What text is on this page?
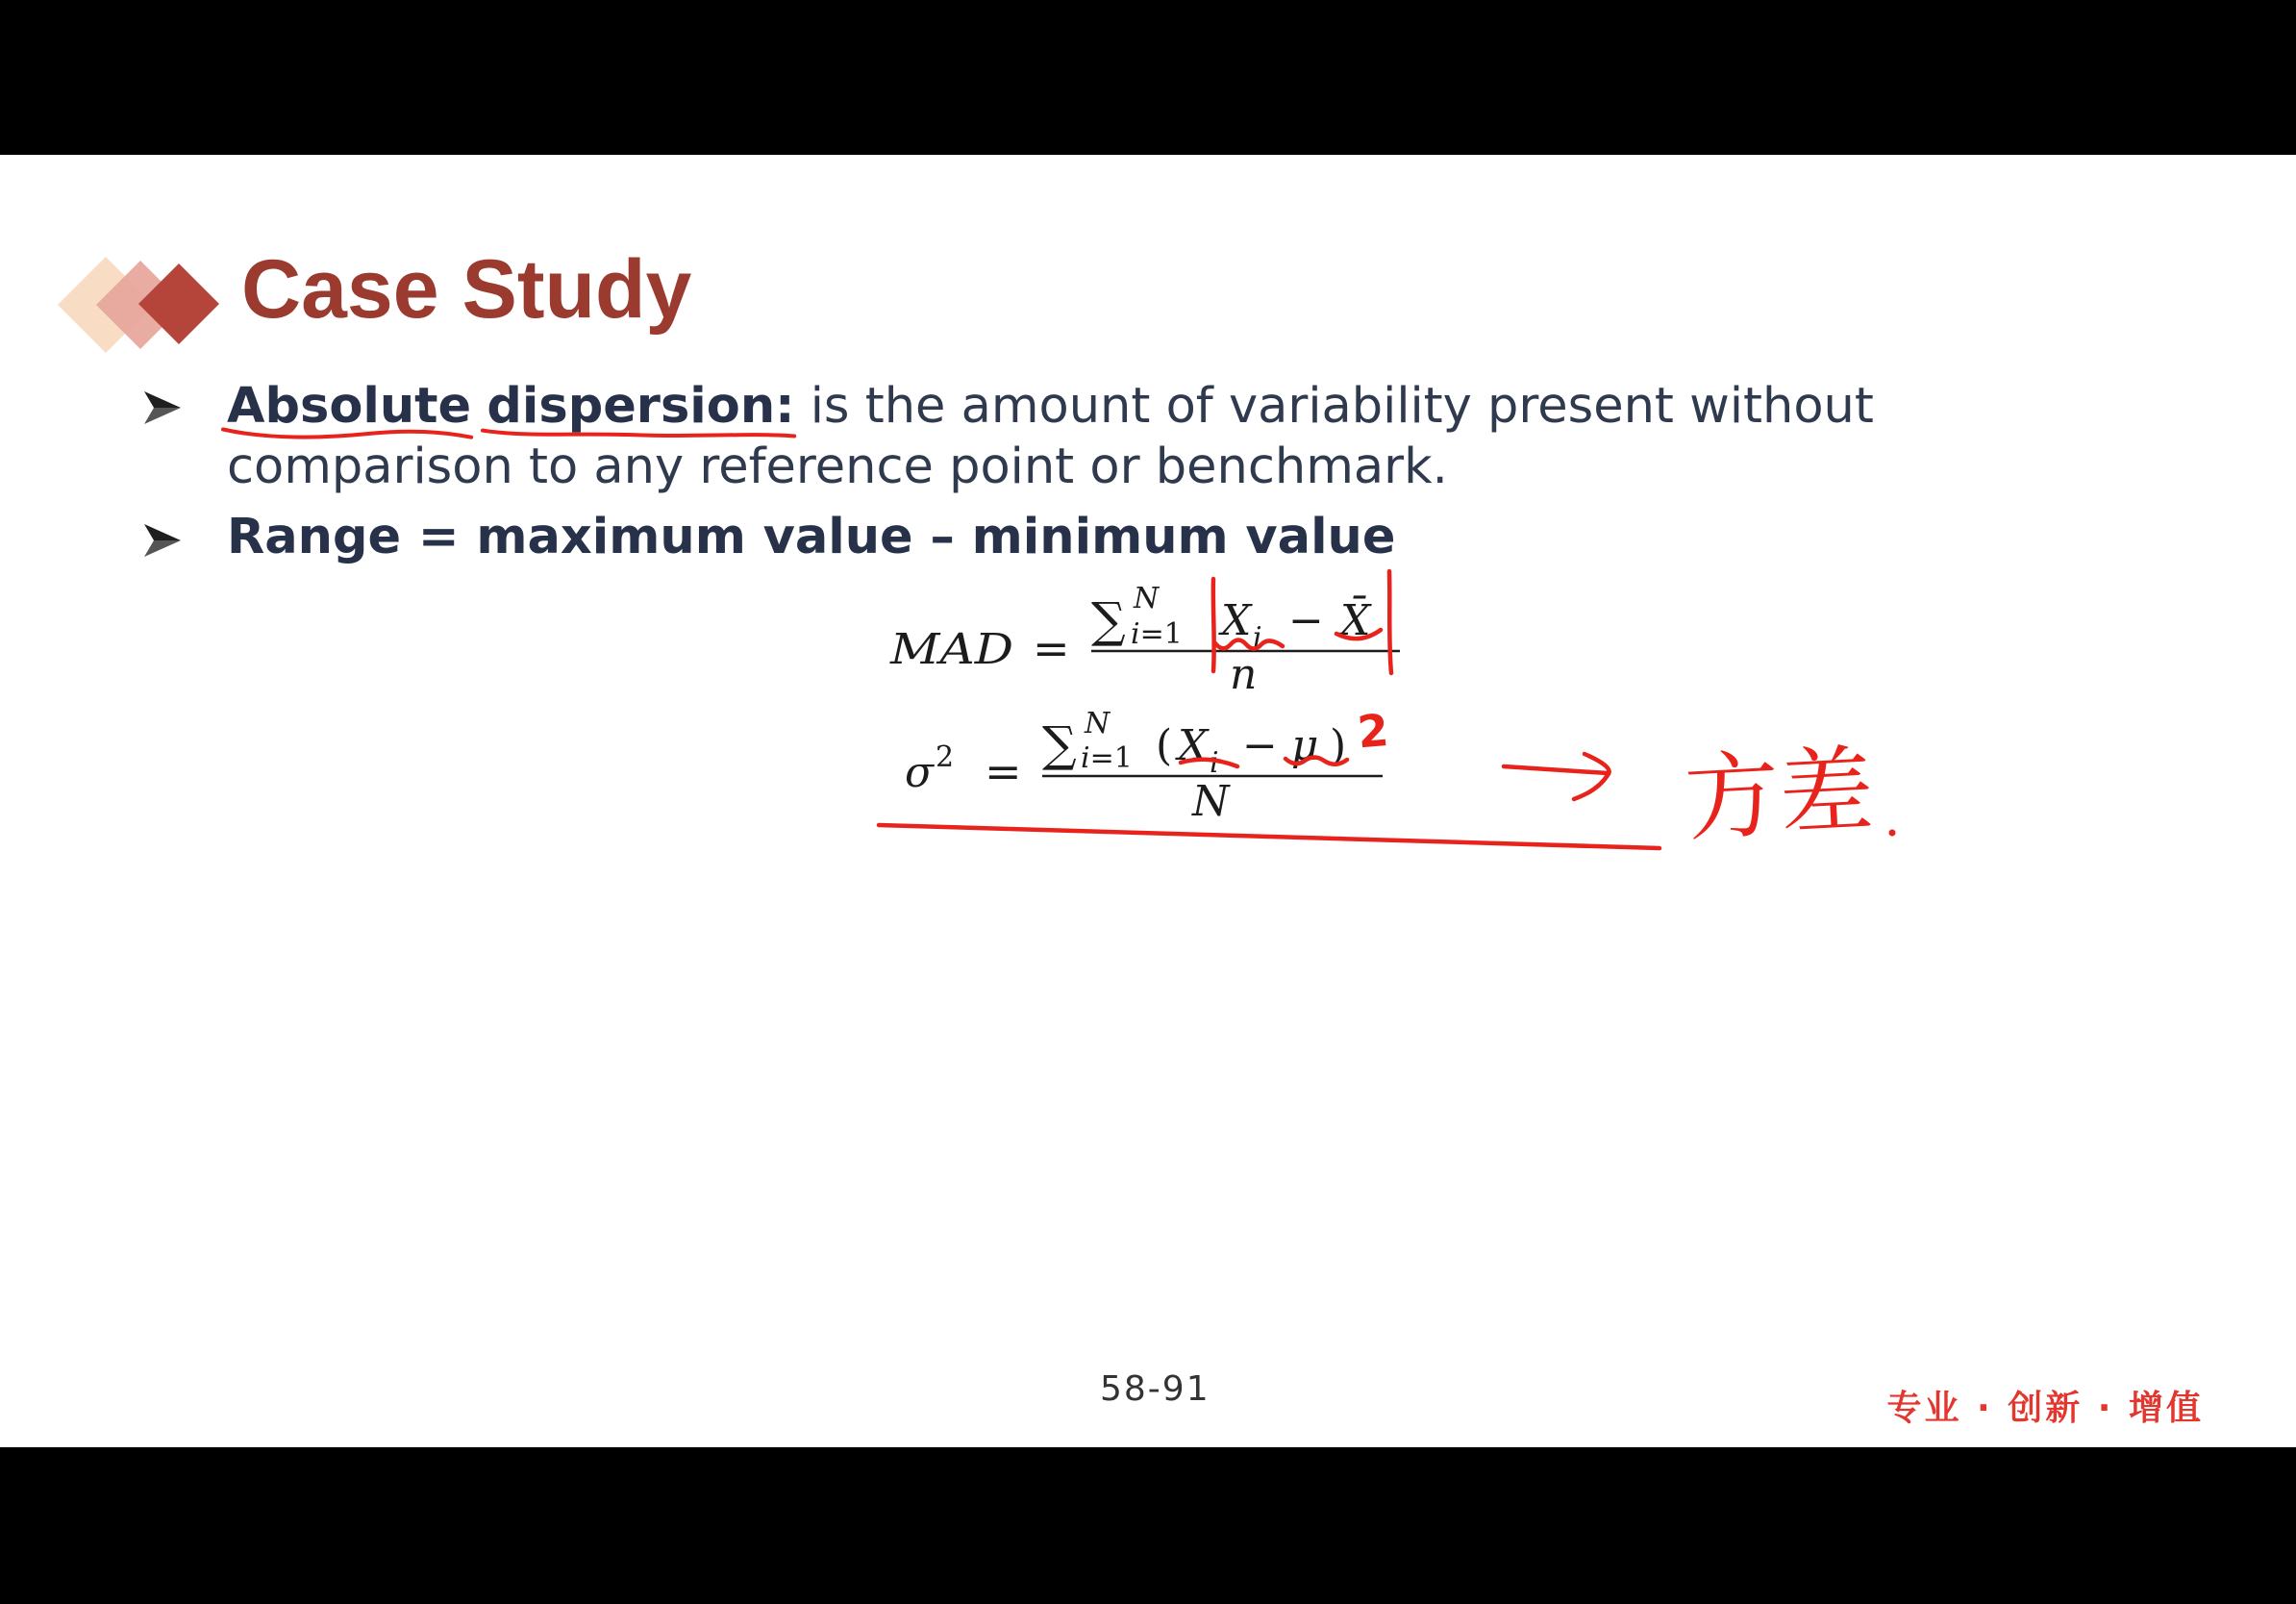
Case Study
Absolute dispersion:
is the amount of variability present without comparison to any reference point or benchmark.
Range = maximum value – minimum value
MAD = ∑ N
i=1 X i − X̄
n
σ 2 = ∑ N
i=1 ( X i − μ )
N
2
方差
58-91	专业 · 创新 · 增值
